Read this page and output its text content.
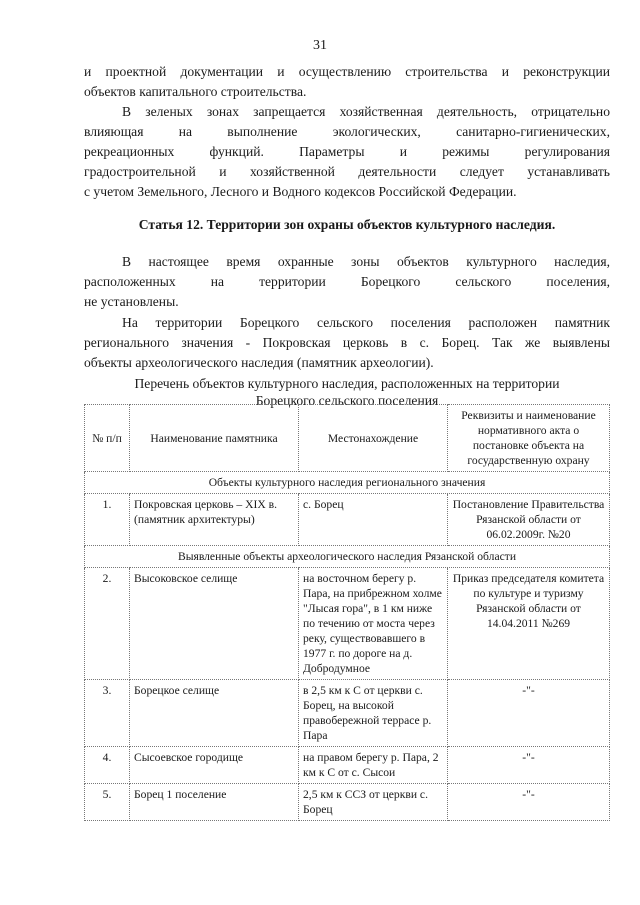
31
и проектной документации и осуществлению строительства и реконструкции
объектов капитального строительства.
В зеленых зонах запрещается хозяйственная деятельность, отрицательно
влияющая на выполнение экологических, санитарно-гигиенических,
рекреационных функций. Параметры и режимы регулирования
градостроительной и хозяйственной деятельности следует устанавливать
с учетом Земельного, Лесного и Водного кодексов Российской Федерации.
Статья 12. Территории зон охраны объектов культурного наследия.
В настоящее время охранные зоны объектов культурного наследия,
расположенных на территории Борецкого сельского поселения,
не установлены.
На территории Борецкого сельского поселения расположен памятник
регионального значения - Покровская церковь в с. Борец. Так же выявлены
объекты археологического наследия (памятник археологии).
Перечень объектов культурного наследия, расположенных на территории
Борецкого сельского поселения
№ п/п	Наименование памятника	Местонахождение	Реквизиты и наименование нормативного акта о постановке объекта на государственную охрану
Объекты культурного наследия регионального значения			
1.	Покровская церковь – XIX в. (памятник архитектуры)	с. Борец	Постановление Правительства Рязанской области от 06.02.2009г. №20
Выявленные объекты археологического наследия Рязанской области			
2.	Высоковское селище	на восточном берегу р. Пара, на прибрежном холме "Лысая гора", в 1 км ниже по течению от моста через реку, существовавшего в 1977 г. по дороге на д. Добродумное	Приказ председателя комитета по культуре и туризму Рязанской области от 14.04.2011 №269
3.	Борецкое селище	в 2,5 км к С от церкви с. Борец, на высокой правобережной террасе р. Пара	-"-
4.	Сысоевское городище	на правом берегу р. Пара, 2 км к С от с. Сысои	-"-
5.	Борец 1 поселение	2,5 км к ССЗ от церкви с. Борец	-"-
